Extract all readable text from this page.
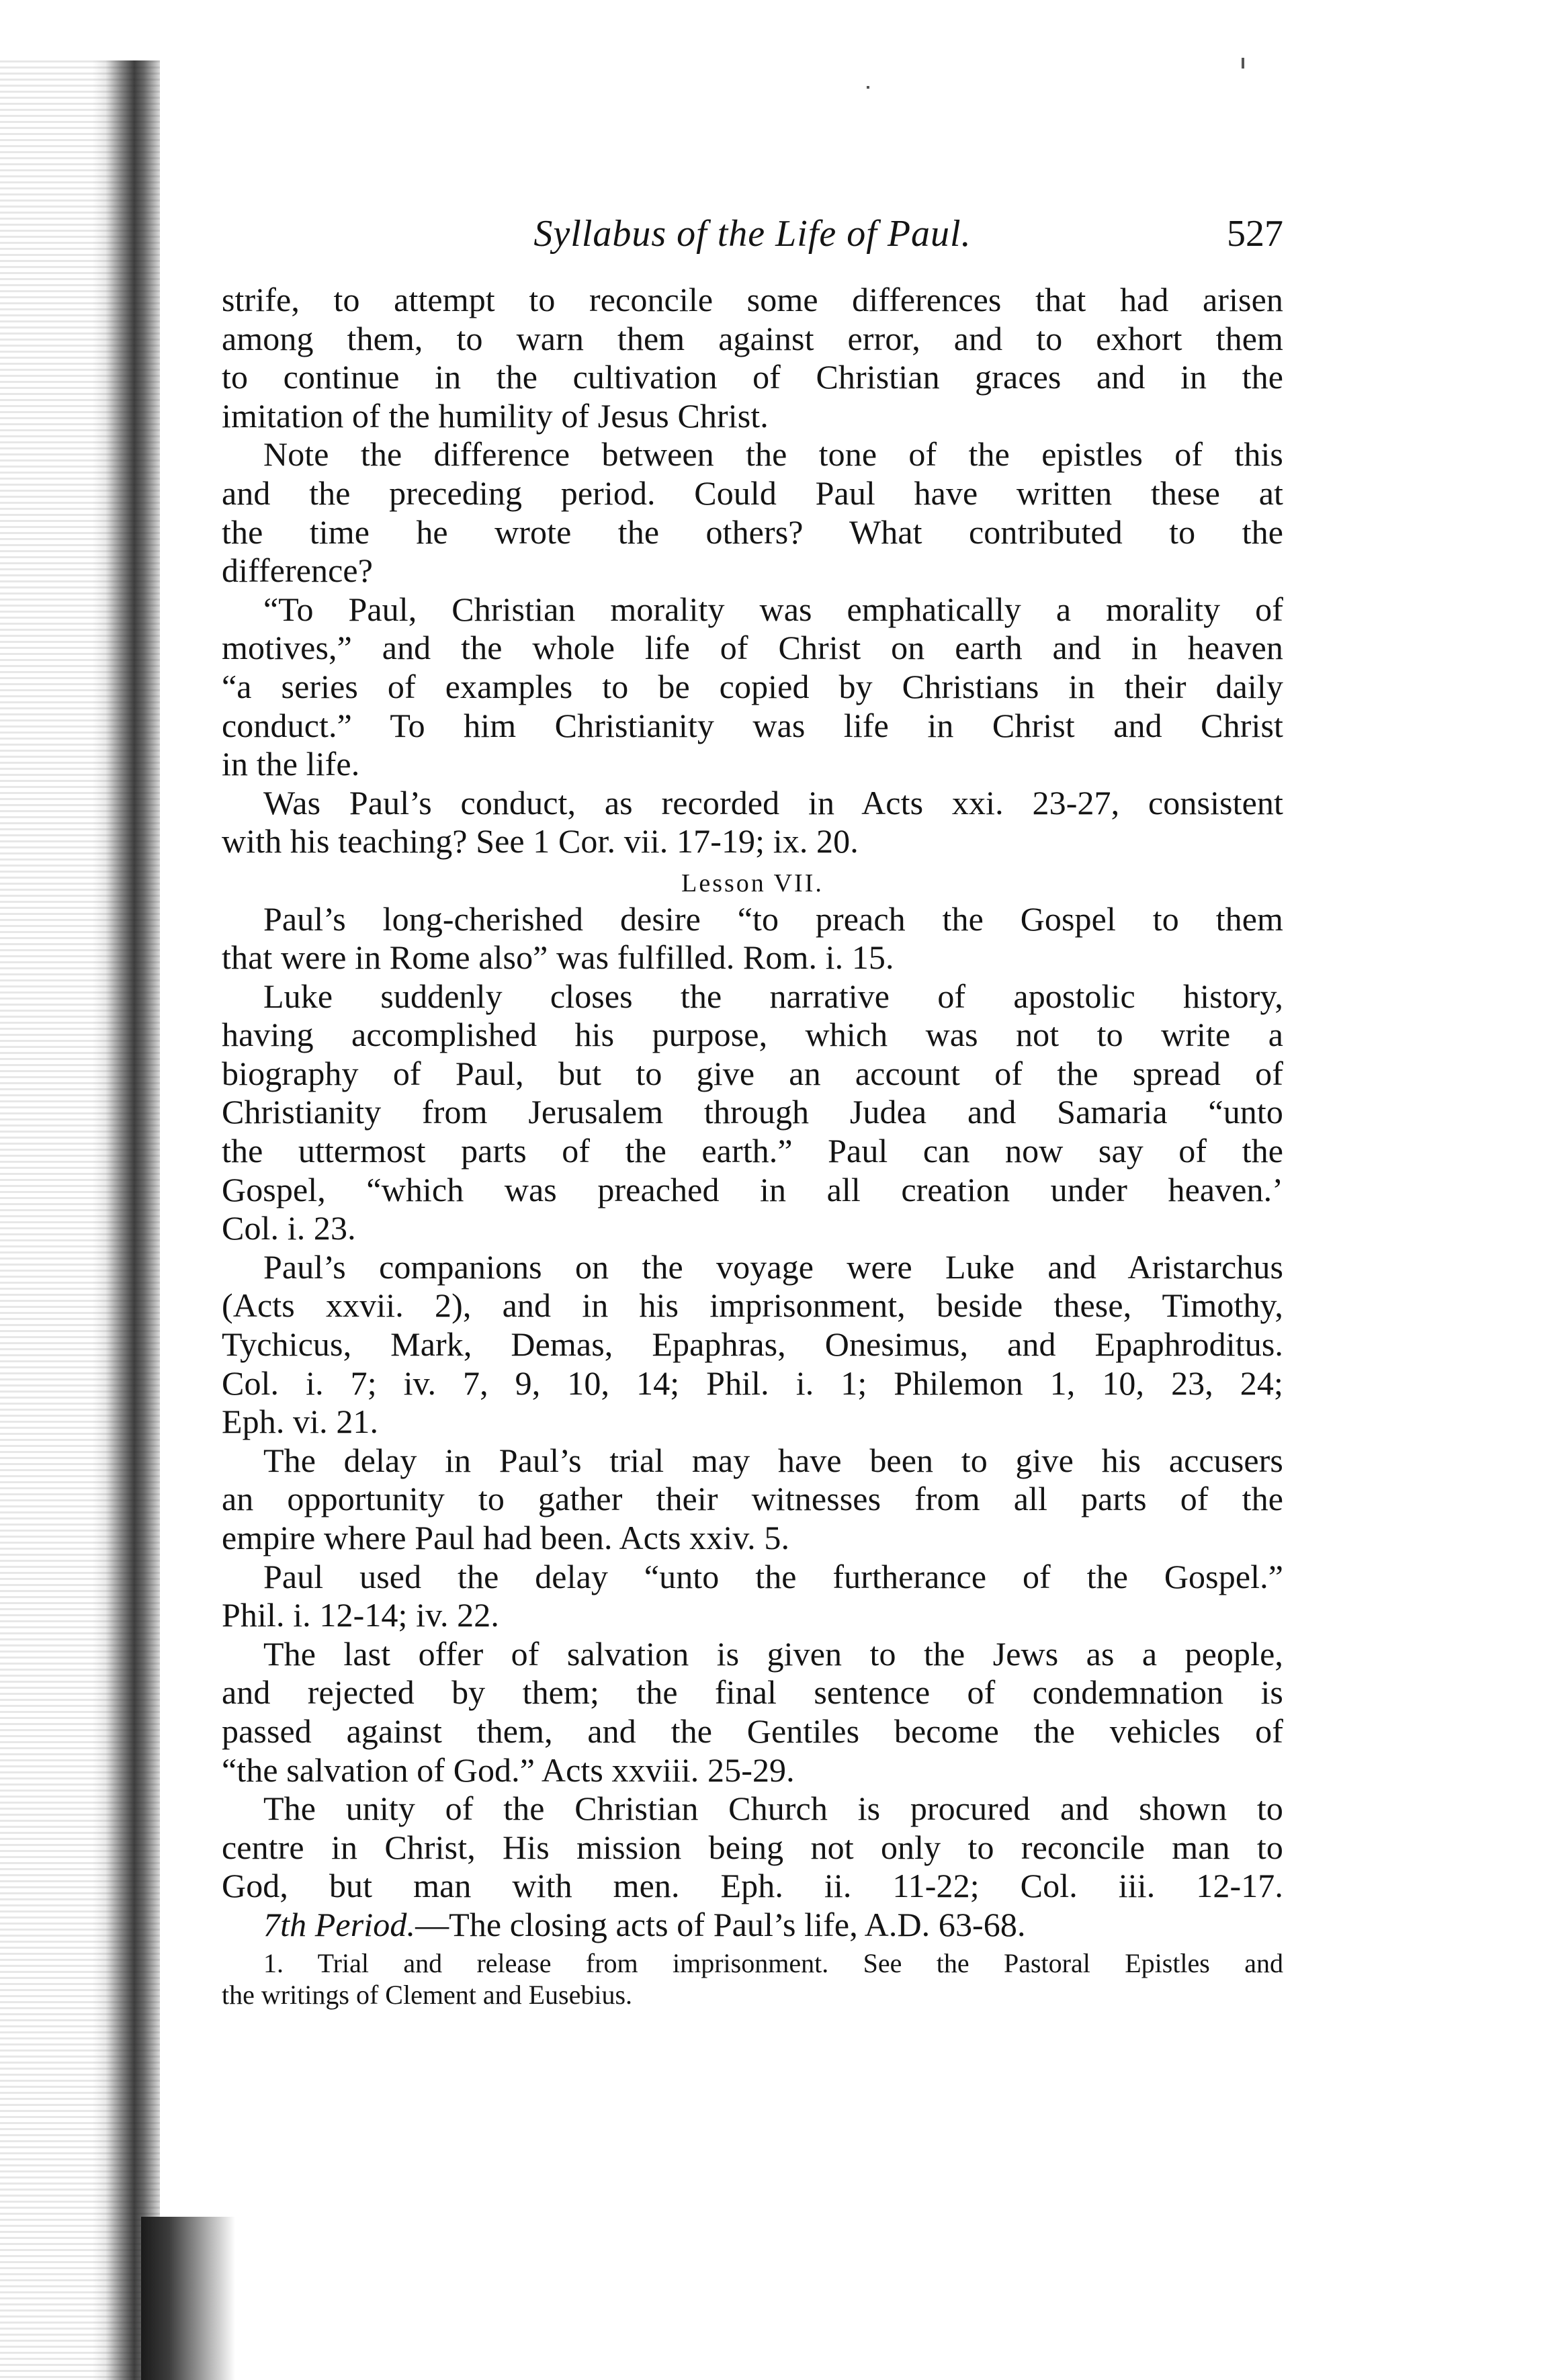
Syllabus of the Life of Paul.	527
strife, to attempt to reconcile some differences that had arisen
among them, to warn them against error, and to exhort them
to continue in the cultivation of Christian graces and in the
imitation of the humility of Jesus Christ.
Note the difference between the tone of the epistles of this
and the preceding period. Could Paul have written these at
the time he wrote the others? What contributed to the
difference?
“To Paul, Christian morality was emphatically a morality of
motives,” and the whole life of Christ on earth and in heaven
“a series of examples to be copied by Christians in their daily
conduct.” To him Christianity was life in Christ and Christ
in the life.
Was Paul’s conduct, as recorded in Acts xxi. 23-27, consistent
with his teaching? See 1 Cor. vii. 17-19; ix. 20.
Lesson VII.
Paul’s long-cherished desire “to preach the Gospel to them
that were in Rome also” was fulfilled. Rom. i. 15.
Luke suddenly closes the narrative of apostolic history,
having accomplished his purpose, which was not to write a
biography of Paul, but to give an account of the spread of
Christianity from Jerusalem through Judea and Samaria “unto
the uttermost parts of the earth.” Paul can now say of the
Gospel, “which was preached in all creation under heaven.’
Col. i. 23.
Paul’s companions on the voyage were Luke and Aristarchus
(Acts xxvii. 2), and in his imprisonment, beside these, Timothy,
Tychicus, Mark, Demas, Epaphras, Onesimus, and Epaphroditus.
Col. i. 7; iv. 7, 9, 10, 14; Phil. i. 1; Philemon 1, 10, 23, 24;
Eph. vi. 21.
The delay in Paul’s trial may have been to give his accusers
an opportunity to gather their witnesses from all parts of the
empire where Paul had been. Acts xxiv. 5.
Paul used the delay “unto the furtherance of the Gospel.”
Phil. i. 12-14; iv. 22.
The last offer of salvation is given to the Jews as a people,
and rejected by them; the final sentence of condemnation is
passed against them, and the Gentiles become the vehicles of
“the salvation of God.” Acts xxviii. 25-29.
The unity of the Christian Church is procured and shown to
centre in Christ, His mission being not only to reconcile man to
God, but man with men. Eph. ii. 11-22; Col. iii. 12-17.
7th Period.—The closing acts of Paul’s life, A.D. 63-68.
1. Trial and release from imprisonment. See the Pastoral Epistles and
the writings of Clement and Eusebius.
